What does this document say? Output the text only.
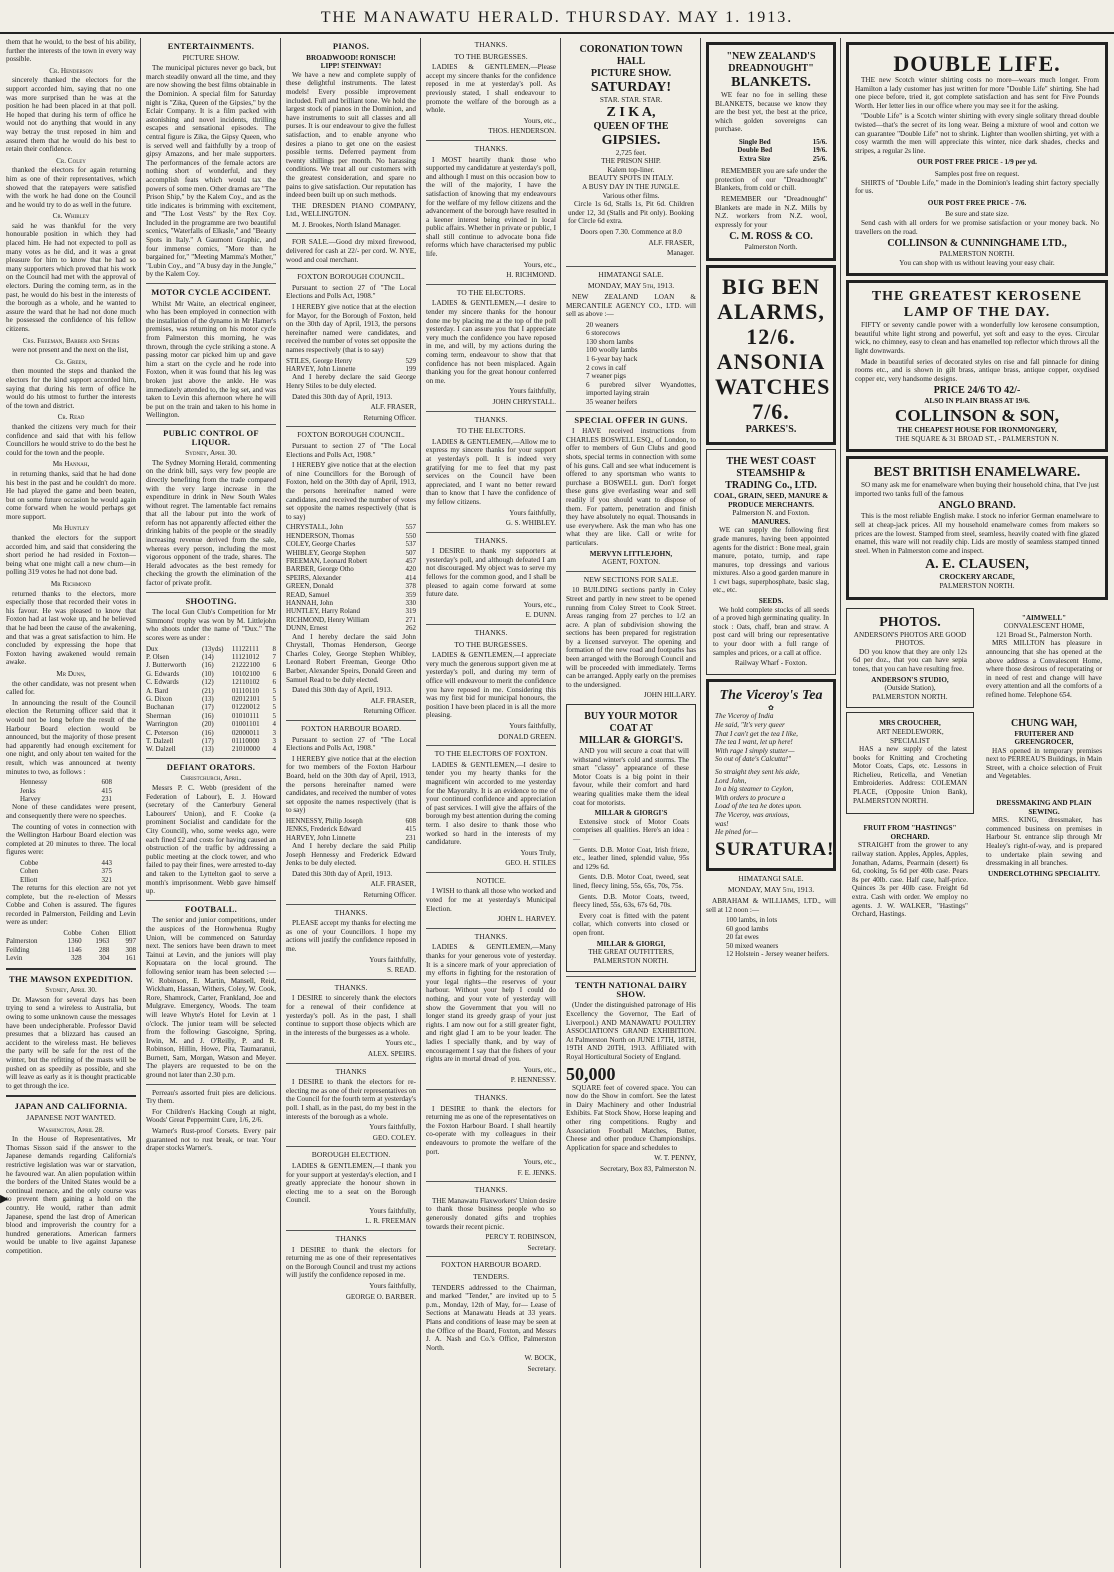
THE MANAWATU HERALD. THURSDAY. MAY 1. 1913.
▶

them that he would, to the best of his ability, further the interests of the town in every way possible.

Cr. Henderson

sincerely thanked the electors for the support accorded him, saying that no one was more surprised than he was at the position he had been placed in at that poll. He hoped that during his term of office he would not do anything that would in any way betray the trust reposed in him and assured them that he would do his best to retain their confidence.

Cr. Coley

thanked the electors for again returning him as one of their representatives, which showed that the ratepayers were satisfied with the work he had done on the Council and he would try to do as well in the future.

Cr. Whibley

said he was thankful for the very honourable position in which they had placed him. He had not expected to poll as many votes as he did, and it was a great pleasure for him to know that he had so many supporters which proved that his work on the Council had met with the approval of electors. During the coming term, as in the past, he would do his best in the interests of the borough as a whole, and he wanted to assure the ward that he had not done much he possessed the confidence of his fellow citizens.

Crs. Freeman, Barber and Speirs

were not present and the next on the list,

Cr. Green,

then mounted the steps and thanked the electors for the kind support accorded him, saying that during his term of office he would do his utmost to further the interests of the town and district.

Cr. Read

thanked the citizens very much for their confidence and said that with his fellow Councillors he would strive to do the best he could for the town and the people.

Mr Hannah,

in returning thanks, said that he had done his best in the past and he couldn't do more. He had played the game and been beaten, but on some future occasion he would again come forward when he would perhaps get more support.

Mr Huntley

thanked the electors for the support accorded him, and said that considering the short period he had resided in Foxton—being what one might call a new chum—in polling 319 votes he had not done bad.

Mr Richmond

returned thanks to the electors, more especially those that recorded their votes in his favour. He was pleased to know that Foxton had at last woke up, and he believed that he had been the cause of the awakening, and that was a great satisfaction to him. He concluded by expressing the hope that Foxton having awakened would remain awake.

Mr Dunn,

the other candidate, was not present when called for.

In announcing the result of the Council election the Returning officer said that it would not be long before the result of the Harbour Board election would be announced, but the majority of those present had apparently had enough excitement for one night, and only about ten waited for the result, which was announced at twenty minutes to two, as follows :

Hennessy	608
Jenks	415
Harvey	231

None of these candidates were present, and consequently there were no speeches.

The counting of votes in connection with the Wellington Harbour Board election was completed at 20 minutes to three. The local figures were:

Cobbe	443
Cohen	375
Elliott	321

The returns for this election are not yet complete, but the re-election of Messrs Cobbe and Cohen is assured. The figures recorded in Palmerston, Feilding and Levin were as under:

	Cobbe	Cohen	Elliott
Palmerston	1360	1963	997
Feilding	1146	288	308
Levin	328	304	161
THE MAWSON EXPEDITION.
Sydney, April 30.

Dr. Mawson for several days has been trying to send a wireless to Australia, but owing to some unknown cause the messages have been undecipherable. Professor David presumes that a blizzard has caused an accident to the wireless mast. He believes the party will be safe for the rest of the winter, but the refitting of the masts will be pushed on as speedily as possible, and she will leave as early as it is thought practicable to get through the ice.

JAPAN AND CALIFORNIA.
JAPANESE NOT WANTED.
Washington, April 28.

In the House of Representatives, Mr Thomas Sisson said if the answer to the Japanese demands regarding California's restrictive legislation was war or starvation, he favoured war. An alien population within the borders of the United States would be a continual menace, and the only course was to prevent them gaining a hold on the country. He would, rather than admit Japanese, spend the last drop of American blood and improverish the country for a hundred generations. American farmers would be unable to live against Japanese competition.

ENTERTAINMENTS.
PICTURE SHOW.

The municipal pictures never go back, but march steadily onward all the time, and they are now showing the best films obtainable in the Dominion. A special film for Saturday night is "Zika, Queen of the Gipsies," by the Eclair Company. It is a film packed with astonishing and novel incidents, thrilling escapes and sensational episodes. The central figure is Zika, the Gipsy Queen, who is served well and faithfully by a troop of gipsy Amazons, and her male supporters. The performances of the female actors are nothing short of wonderful, and they accomplish feats which would tax the powers of some men. Other dramas are "The Prison Ship," by the Kalem Coy., and as the title indicates is brimming with excitement, and "The Lost Vests" by the Rex Coy. Included in the programme are two beautiful scenics, "Waterfalls of Elkasle," and "Beauty Spots in Italy." A Gaumont Graphic, and four immense comics, "More than he bargained for," "Meeting Mamma's Mother," "Lubin Coy., and "A busy day in the Jungle," by the Kalem Coy.

MOTOR CYCLE ACCIDENT.

Whilst Mr Waite, an electrical engineer, who has been employed in connection with the installation of the dynamo in Mr Hamer's premises, was returning on his motor cycle from Palmerston this morning, he was thrown, through the cycle striking a stone. A passing motor car picked him up and gave him a start on the cycle and he rode into Foxton, when it was found that his leg was broken just above the ankle. He was immediately attended to, the leg set, and was taken to Levin this afternoon where he will be put on the train and taken to his home in Wellington.

PUBLIC CONTROL OF LIQUOR.
Sydney, April 30.

The Sydney Morning Herald, commenting on the drink bill, says very few people are directly benefiting from the trade compared with the very large increase in the expenditure in drink in New South Wales without regret. The lamentable fact remains that all the labour put into the work of reform has not apparently affected either the drinking habits of the people or the steadily increasing revenue derived from the sale, whereas every person, including the most vigorous opponent of the trade, shares. The Herald advocates as the best remedy for checking the growth the elimination of the factor of private profit.

SHOOTING.

The local Gun Club's Competition for Mr Simmons' trophy was won by M. Littlejohn who shoots under the name of "Dux." The scores were as under :

Dux	(13yds)	11122111	8
P. Olsen	(14)	11121012	7
J. Butterworth	(16)	21222100	6
G. Edwards	(10)	10102100	6
C. Edwards	(12)	12110102	6
A. Bard	(21)	01110110	5
G. Dixon	(13)	02012101	5
Buchanan	(17)	01220012	5
Sherman	(16)	01010111	5
Warrington	(20)	01001101	4
C. Peterson	(16)	02000011	3
T. Dalzell	(17)	01110000	3
W. Dalzell	(13)	21010000	4
DEFIANT ORATORS.
Christchurch, April.

Messrs P. C. Webb (president of the Federation of Labour), E. J. Howard (secretary of the Canterbury General Labourers' Union), and F. Cooke (a prominent Socialist and candidate for the City Council), who, some weeks ago, were each fined £2 and costs for having caused an obstruction of the traffic by addressing a public meeting at the clock tower, and who failed to pay their fines, were arrested to-day and taken to the Lyttelton gaol to serve a month's imprisonment. Webb gave himself up.

FOOTBALL.

The senior and junior competitions, under the auspices of the Horowhenua Rugby Union, will be commenced on Saturday next. The seniors have been drawn to meet Tainui at Levin, and the juniors will play Kopuatara on the local ground. The following senior team has been selected :—W. Robinson, E. Martin, Mansell, Reid, Wickham, Hassan, Withers, Coley, W. Cook, Rore, Shamrock, Carter, Frankland, Joe and Mulgrave. Emergency, Woods. The team will leave Whyte's Hotel for Levin at 1 o'clock. The junior team will be selected from the following: Gascoigne, Spring, Irwin, M. and J. O'Reilly, P. and R. Robinson, Hillin, Howe, Pita, Taumaranui, Burnett, Sam, Morgan, Watson and Meyer. The players are requested to be on the ground not later than 2.30 p.m.

Perreau's assorted fruit pies are delicious. Try them.

For Children's Hacking Cough at night, Woods' Great Peppermint Cure, 1/6, 2/6.

Warner's Rust-proof Corsets. Every pair guaranteed not to rust break, or tear. Your draper stocks Warner's.

PIANOS.
BROADWOOD! RONISCH!
LIPP! STEINWAY!

We have a new and complete supply of these delightful instruments. The latest models! Every possible improvement included. Full and brilliant tone. We hold the largest stock of pianos in the Dominion, and have instruments to suit all classes and all purses. It is our endeavour to give the fullest satisfaction, and to enable anyone who desires a piano to get one on the easiest possible terms. Deferred payment from twenty shillings per month. No harassing conditions. We treat all our customers with the greatest consideration, and spare no pains to give satisfaction. Our reputation has indeed been built up on such methods.

THE DRESDEN PIANO COMPANY, Ltd., WELLINGTON.

M. J. Brookes, North Island Manager.

FOR SALE.—Good dry mixed firewood, delivered for cash at 22/- per cord. W. NYE, wood and coal merchant.

FOXTON BOROUGH COUNCIL.

Pursuant to section 27 of "The Local Elections and Polls Act, 1908."

I HEREBY give notice that at the election for Mayor, for the Borough of Foxton, held on the 30th day of April, 1913, the persons hereinafter named were candidates, and received the number of votes set opposite the names respectively (that is to say)

STILES, George Henry	529
HARVEY, John Linnette	199

And I hereby declare the said George Henry Stiles to be duly elected.

Dated this 30th day of April, 1913.

ALF. FRASER,
Returning Officer.
FOXTON BOROUGH COUNCIL.

Pursuant to section 27 of "The Local Elections and Polls Act, 1908."

I HEREBY give notice that at the election of nine Councillors for the Borough of Foxton, held on the 30th day of April, 1913, the persons hereinafter named were candidates, and received the number of votes set opposite the names respectively (that is to say)

CHRYSTALL, John	557
HENDERSON, Thomas	550
COLEY, George Charles	537
WHIBLEY, George Stephen	507
FREEMAN, Leonard Robert	457
BARBER, George Otho	420
SPEIRS, Alexander	414
GREEN, Donald	378
READ, Samuel	359
HANNAH, John	330
HUNTLEY, Harry Roland	319
RICHMOND, Henry William	271
DUNN, Ernest	262

And I hereby declare the said John Chrystall, Thomas Henderson, George Charles Coley, George Stephen Whibley, Leonard Robert Freeman, George Otho Barber, Alexander Speirs, Donald Green and Samuel Read to be duly elected.

Dated this 30th day of April, 1913.

ALF. FRASER,
Returning Officer.
FOXTON HARBOUR BOARD.

Pursuant to section 27 of "The Local Elections and Polls Act, 1908."

I HEREBY give notice that at the election for two members of the Foxton Harbour Board, held on the 30th day of April, 1913, the persons hereinafter named were candidates, and received the number of votes set opposite the names respectively (that is to say)

HENNESSY, Philip Joseph	608
JENKS, Frederick Edward	415
HARVEY, John Linnette	231

And I hereby declare the said Philip Joseph Hennessy and Frederick Edward Jenks to be duly elected.

Dated this 30th day of April, 1913.

ALF. FRASER,
Returning Officer.
THANKS.

PLEASE accept my thanks for electing me as one of your Councillors. I hope my actions will justify the confidence reposed in me.

Yours faithfully,
S. READ.
THANKS.

I DESIRE to sincerely thank the electors for a renewal of their confidence at yesterday's poll. As in the past, I shall continue to support those objects which are in the interests of the burgesses as a whole.

Yours etc.,
ALEX. SPEIRS.
THANKS

I DESIRE to thank the electors for re-electing me as one of their representatives on the Council for the fourth term at yesterday's poll. I shall, as in the past, do my best in the interests of the borough as a whole.

Yours faithfully,
GEO. COLEY.
BOROUGH ELECTION.

LADIES & GENTLEMEN,—I thank you for your support at yesterday's election, and I greatly appreciate the honour shown in electing me to a seat on the Borough Council.

Yours faithfully,
L. R. FREEMAN
THANKS

I DESIRE to thank the electors for returning me as one of their representatives on the Borough Council and trust my actions will justify the confidence reposed in me.

Yours faithfully,
GEORGE O. BARBER.
THANKS.
TO THE BURGESSES.

LADIES & GENTLEMEN,—Please accept my sincere thanks for the confidence reposed in me at yesterday's poll. As previously stated, I shall endeavour to promote the welfare of the borough as a whole.

Yours, etc.,
THOS. HENDERSON.
THANKS.

I MOST heartily thank those who supported my candidature at yesterday's poll, and although I must on this occasion bow to the will of the majority, I have the satisfaction of knowing that my endeavours for the welfare of my fellow citizens and the advancement of the borough have resulted in a keener interest being evinced in local public affairs. Whether in private or public, I shall still continue to advocate bona fide reforms which have characterised my public life.

Yours, etc.,
H. RICHMOND.
TO THE ELECTORS.

LADIES & GENTLEMEN,—I desire to tender my sincere thanks for the honour done me by placing me at the top of the poll yesterday. I can assure you that I appreciate very much the confidence you have reposed in me, and will, by my actions during the coming term, endeavour to show that that confidence has not been misplaced. Again thanking you for the great honour conferred on me.

Yours faithfully,
JOHN CHRYSTALL.
THANKS.
TO THE ELECTORS.

LADIES & GENTLEMEN,—Allow me to express my sincere thanks for your support at yesterday's poll. It is indeed very gratifying for me to feel that my past services on the Council have been appreciated, and I want no better reward than to know that I have the confidence of my fellow citizens.

Yours faithfully,
G. S. WHIBLEY.
THANKS.

I DESIRE to thank my supporters at yesterday's poll, and although defeated I am not discouraged. My object was to serve my fellows for the common good, and I shall be pleased to again come forward at some future date.

Yours, etc.,
E. DUNN.
THANKS.
TO THE BURGESSES.

LADIES & GENTLEMEN,—I appreciate very much the generous support given me at yesterday's poll, and during my term of office will endeavour to merit the confidence you have reposed in me. Considering this was my first bid for municipal honours, the position I have been placed in is all the more pleasing.

Yours faithfully,
DONALD GREEN.
TO THE ELECTORS OF FOXTON.

LADIES & GENTLEMEN,—I desire to tender you my hearty thanks for the magnificent win accorded to me yesterday for the Mayoralty. It is an evidence to me of your continued confidence and appreciation of past services. I will give the affairs of the borough my best attention during the coming term. I also desire to thank those who worked so hard in the interests of my candidature.

Yours Truly,
GEO. H. STILES
NOTICE.

I WISH to thank all those who worked and voted for me at yesterday's Municipal Election.

JOHN L. HARVEY.
THANKS.

LADIES & GENTLEMEN,—Many thanks for your generous vote of yesterday. It is a sincere mark of your appreciation of my efforts in fighting for the restoration of your legal rights—the reserves of your harbour. Without your help I could do nothing, and your vote of yesterday will show the Government that you will no longer stand its greedy grasp of your just rights. I am now out for a still greater fight, and right glad I am to be your leader. The ladies I specially thank, and by way of encouragement I say that the fishers of your rights are in mortal dread of you.

Yours, etc.,
P. HENNESSY.
THANKS.

I DESIRE to thank the electors for returning me as one of the representatives on the Foxton Harbour Board. I shall heartily co-operate with my colleagues in their endeavours to promote the welfare of the port.

Yours, etc.,
F. E. JENKS.
THANKS.

THE Manawatu Flaxworkers' Union desire to thank those business people who so generously donated gifts and trophies towards their recent picnic.

PERCY T. ROBINSON,
Secretary.
FOXTON HARBOUR BOARD.
TENDERS.

TENDERS addressed to the Chairman, and marked "Tender," are invited up to 5 p.m., Monday, 12th of May, for— Lease of Sections at Manawatu Heads at 33 years. Plans and conditions of lease may be seen at the Office of the Board, Foxton, and Messrs J. A. Nash and Co.'s Office, Palmerston North.

W. BOCK,
Secretary.
CORONATION TOWN HALL
PICTURE SHOW.
SATURDAY!
STAR. STAR. STAR.
Z I K A,
QUEEN OF THE
GIPSIES.
2,725 feet.
THE PRISON SHIP.
Kalem top-liner.
BEAUTY SPOTS IN ITALY.
A BUSY DAY IN THE JUNGLE.
Various other films.

Circle 1s 6d, Stalls 1s, Pit 6d. Children under 12, 3d (Stalls and Pit only). Booking for Circle 6d extra.

Doors open 7.30. Commence at 8.0
ALF. FRASER,
Manager.
HIMATANGI SALE.
MONDAY, MAY 5th, 1913.

NEW ZEALAND LOAN & MERCANTILE AGENCY CO., LTD. will sell as above :—

20 weaners
6 storecows
130 shorn lambs
100 woolly lambs
1 6-year bay hack
2 cows in calf
7 weaner pigs
6 purebred silver Wyandottes, imported laying strain
35 weaner heifers
SPECIAL OFFER IN GUNS.

I HAVE received instructions from CHARLES BOSWELL ESQ., of London, to offer to members of Gun Clubs and good shots, special terms in connection with some of his guns. Call and see what inducement is offered to any sportsman who wants to purchase a BOSWELL gun. Don't forget these guns give everlasting wear and sell readily if you should want to dispose of them. For pattern, penetration and finish they have absolutely no equal. Thousands in use everywhere. Ask the man who has one what they are like. Call or write for particulars.

MERVYN LITTLEJOHN,
AGENT, FOXTON.
NEW SECTIONS FOR SALE.

10 BUILDING sections partly in Coley Street and partly in new street to be opened running from Coley Street to Cook Street. Areas ranging from 27 perches to 1/2 an acre. A plan of subdivision showing the sections has been prepared for registration by a licensed surveyor. The opening and formation of the new road and footpaths has been arranged with the Borough Council and will be proceeded with immediately. Terms can be arranged. Apply early on the premises to the undersigned.

JOHN HILLARY.
BUY YOUR MOTOR COAT AT
MILLAR & GIORGI'S.

AND you will secure a coat that will withstand winter's cold and storms. The smart "classy" appearance of these Motor Coats is a big point in their favour, while their comfort and hard wearing qualities make them the ideal coat for motorists.

MILLAR & GIORGI'S

Extensive stock of Motor Coats comprises all qualities. Here's an idea :—

Gents. D.B. Motor Coat, Irish frieze, etc., leather lined, splendid value, 95s and 129s 6d.

Gents. D.B. Motor Coat, tweed, seat lined, fleecy lining, 55s, 65s, 70s, 75s.

Gents. D.B. Motor Coats, tweed, fleecy lined, 55s, 63s, 67s 6d, 70s.

Every coat is fitted with the patent collar, which converts into closed or open front.

MILLAR & GIORGI,
THE GREAT OUTFITTERS,
PALMERSTON NORTH.
TENTH NATIONAL DAIRY SHOW.

(Under the distinguished patronage of His Excellency the Governor, The Earl of Liverpool.) AND MANAWATU POULTRY ASSOCIATION'S GRAND EXHIBITION. At Palmerston North on JUNE 17TH, 18TH, 19TH AND 20TH, 1913. Affiliated with Royal Horticultural Society of England.

50,000

SQUARE feet of covered space. You can now do the Show in comfort. See the latest in Dairy Machinery and other Industrial Exhibits. Fat Stock Show, Horse leaping and other ring competitions. Rugby and Association Football Matches, Butter, Cheese and other produce Championships. Application for space and schedules to

W. T. PENNY,
Secretary, Box 83, Palmerston N.
"NEW ZEALAND'S DREADNOUGHT"
BLANKETS.

WE fear no foe in selling these BLANKETS, because we know they are the best yet, the best at the price, which golden sovereigns can purchase.

Single Bed	15/6.
Double Bed	19/6.
Extra Size	25/6.

REMEMBER you are safe under the protection of our "Dreadnought" Blankets, from cold or chill.

REMEMBER our "Dreadnought" Blankets are made in N.Z. Mills by N.Z. workers from N.Z. wool, expressly for your

C. M. ROSS & CO.
Palmerston North.
BIG BEN
ALARMS,
12/6.
ANSONIA
WATCHES
7/6.
PARKES'S.
THE WEST COAST STEAMSHIP & TRADING Co., LTD.
COAL, GRAIN, SEED, MANURE & PRODUCE MERCHANTS.
Palmerston N. and Foxton.
MANURES.

WE can supply the following first grade manures, having been appointed agents for the district : Bone meal, grain manure, potato, turnip, and rape manures, top dressings and various mixtures. Also a good garden manure in 1 cwt bags, superphosphate, basic slag, etc., etc.

SEEDS.

We hold complete stocks of all seeds of a proved high germinating quality. In stock : Oats, chaff, bran and straw. A post card will bring our representative to your door with a full range of samples and prices, or a call at office.

Railway Wharf - Foxton.
The Viceroy's Tea
✿
The Viceroy of India
He said, "It's very queer
That I can't get the tea I like,
The tea I want, let up here!
With rage I simply stutter—
So out of date's Calcutta!"
So straight they sent his aide,
Lord John,
In a big steamer to Ceylon,
With orders to procure a
Load of the tea he dotes upon.
The Viceroy, was anxious,
was!
He pined for—
SURATURA!
HIMATANGI SALE.
MONDAY, MAY 5th, 1913.

ABRAHAM & WILLIAMS, LTD., will sell at 12 noon :—

100 lambs, in lots
60 good lambs
20 fat ewes
50 mixed weaners
12 Holstein - Jersey weaner heifers.
DOUBLE LIFE.

THE new Scotch winter shirting costs no more—wears much longer. From Hamilton a lady customer has just written for more "Double Life" shirting. She had one piece before, tried it, got complete satisfaction and has sent for Five Pounds Worth. Her letter lies in our office where you may see it for the asking.

"Double Life" is a Scotch winter shirting with every single solitary thread double twisted—that's the secret of its long wear. Being a mixture of wool and cotton we can guarantee "Double Life" not to shrink. Lighter than woollen shirting, yet with a cosy warmth the men will appreciate this winter, nice dark shades, checks and stripes, a regular 2s line.

OUR POST FREE PRICE - 1/9 per yd.
Samples post free on request.

SHIRTS of "Double Life," made in the Dominion's leading shirt factory specially for us.

OUR POST FREE PRICE - 7/6.
Be sure and state size.

Send cash with all orders for we promise satisfaction or your money back. No travellers on the road.

COLLINSON & CUNNINGHAME LTD.,
PALMERSTON NORTH.
You can shop with us without leaving your easy chair.
THE GREATEST KEROSENE LAMP OF THE DAY.

FIFTY or seventy candle power with a wonderfully low kerosene consumption, beautiful white light strong and powerful, yet soft and easy to the eyes. Circular wick, no chimney, easy to clean and has enamelled top reflector which throws all the light downwards.

Made in beautiful series of decorated styles on rise and fall pinnacle for dining rooms etc., and is shown in gilt brass, antique brass, antique copper, oxydised copper etc, very handsome designs.

PRICE 24/6 TO 42/-
ALSO IN PLAIN BRASS AT 19/6.
COLLINSON & SON,
THE CHEAPEST HOUSE FOR IRONMONGERY,
THE SQUARE & 31 BROAD ST., - PALMERSTON N.
BEST BRITISH ENAMELWARE.

SO many ask me for enamelware when buying their household china, that I've just imported two tanks full of the famous

ANGLO BRAND.

This is the most reliable English make. I stock no inferior German enamelware to sell at cheap-jack prices. All my household enamelware comes from makers so prices are the lowest. Stamped from steel, seamless, heavily coated with fine glazed enamel, this ware will not readily chip. Lids are mostly of seamless stamped tinned steel. When in Palmerston come and inspect.

A. E. CLAUSEN,
CROCKERY ARCADE,
PALMERSTON NORTH.
PHOTOS.
ANDERSON'S PHOTOS ARE GOOD PHOTOS.

DO you know that they are only 12s 6d per doz., that you can have sepia tones, that you can have resulting free.

ANDERSON'S STUDIO,
(Outside Station),
PALMERSTON NORTH.
MRS CROUCHER,
ART NEEDLEWORK,
SPECIALIST

HAS a new supply of the latest books for Knitting and Crocheting Motor Coats, Caps, etc. Lessons in Richelieu, Reticella, and Venetian Embroideries. Address: COLEMAN PLACE, (Opposite Union Bank), PALMERSTON NORTH.

FRUIT FROM "HASTINGS" ORCHARD.

STRAIGHT from the grower to any railway station. Apples, Apples, Apples, Jonathan, Adams, Pearmain (desert) 6s 6d, cooking, 5s 6d per 40lb case. Pears 8s per 40lb. case. Half case, half-price. Quinces 3s per 40lb case. Freight 6d extra. Cash with order. We employ no agents. J. W. WALKER, "Hastings" Orchard, Hastings.

"AIMWELL"
CONVALESCENT HOME,
121 Broad St., Palmerston North.

MRS MILLTON has pleasure in announcing that she has opened at the above address a Convalescent Home, where those desirous of recuperating or in need of rest and change will have every attention and all the comforts of a refined home. Telephone 654.

CHUNG WAH,
FRUITERER AND GREENGROCER,

HAS opened in temporary premises next to PERREAU'S Buildings, in Main Street, with a choice selection of Fruit and Vegetables.

DRESSMAKING AND PLAIN SEWING.

MRS. KING, dressmaker, has commenced business on premises in Harbour St. entrance slip through Mr Healey's right-of-way, and is prepared to undertake plain sewing and dressmaking in all branches.

UNDERCLOTHING SPECIALITY.
